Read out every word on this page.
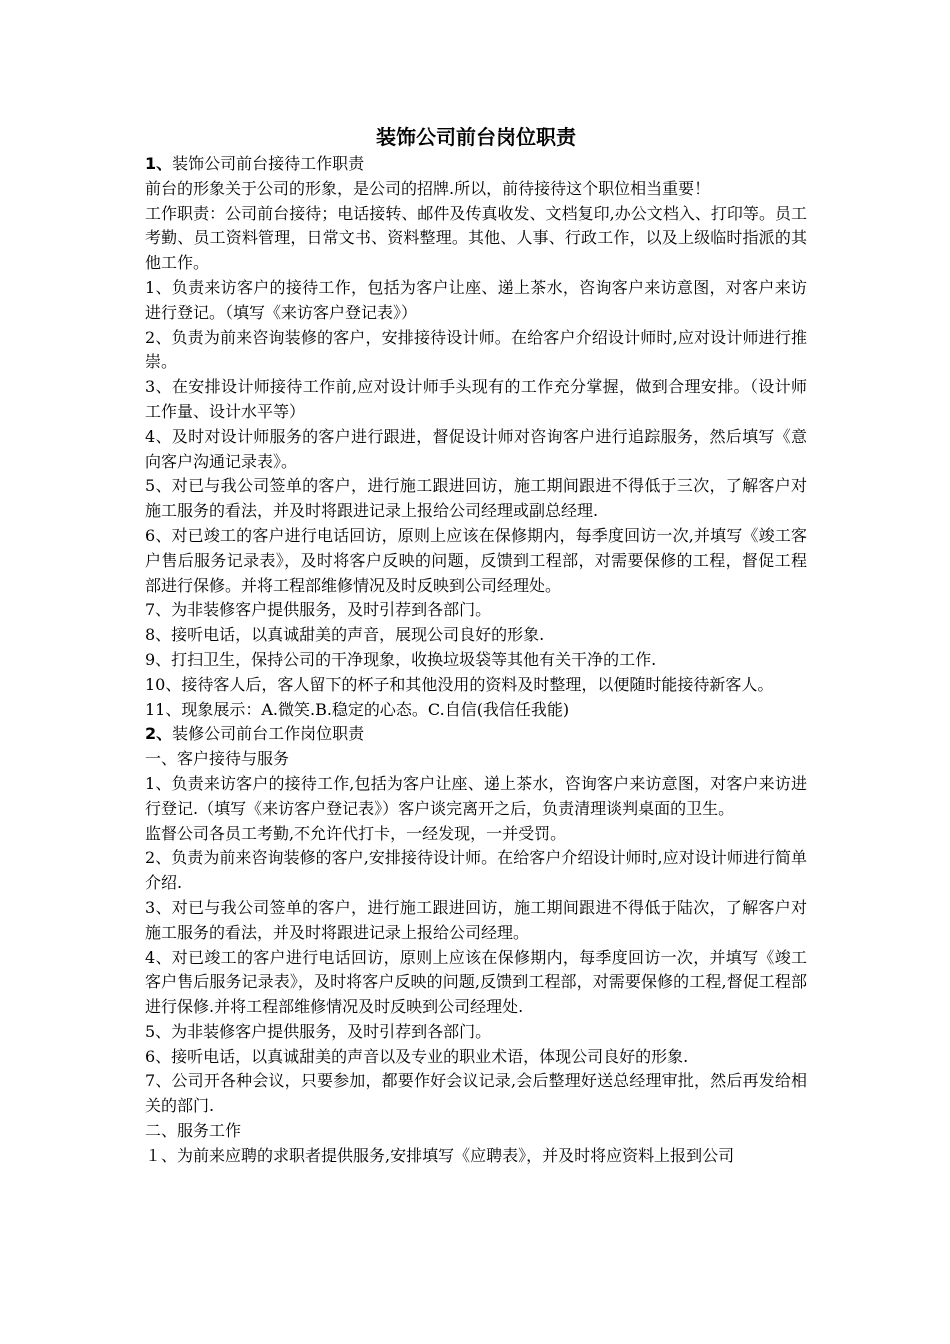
装饰公司前台岗位职责

1、装饰公司前台接待工作职责

前台的形象关于公司的形象，是公司的招牌.所以，前待接待这个职位相当重要！

工作职责：公司前台接待；电话接转、邮件及传真收发、文档复印,办公文档入、打印等。员工考勤、员工资料管理，日常文书、资料整理。其他、人事、行政工作，以及上级临时指派的其他工作。

1、负责来访客户的接待工作，包括为客户让座、递上茶水，咨询客户来访意图，对客户来访进行登记。（填写《来访客户登记表》）

2、负责为前来咨询装修的客户，安排接待设计师。在给客户介绍设计师时,应对设计师进行推崇。

3、在安排设计师接待工作前,应对设计师手头现有的工作充分掌握，做到合理安排。（设计师工作量、设计水平等）

4、及时对设计师服务的客户进行跟进，督促设计师对咨询客户进行追踪服务，然后填写《意向客户沟通记录表》。

5、对已与我公司签单的客户，进行施工跟进回访，施工期间跟进不得低于三次，了解客户对施工服务的看法，并及时将跟进记录上报给公司经理或副总经理.

6、对已竣工的客户进行电话回访，原则上应该在保修期内，每季度回访一次,并填写《竣工客户售后服务记录表》，及时将客户反映的问题，反馈到工程部，对需要保修的工程，督促工程部进行保修。并将工程部维修情况及时反映到公司经理处。

7、为非装修客户提供服务，及时引荐到各部门。

8、接听电话，以真诚甜美的声音，展现公司良好的形象.

9、打扫卫生，保持公司的干净现象，收换垃圾袋等其他有关干净的工作.

10、接待客人后，客人留下的杯子和其他没用的资料及时整理，以便随时能接待新客人。

11、现象展示：A.微笑.B.稳定的心态。C.自信(我信任我能)

2、装修公司前台工作岗位职责

一、客户接待与服务

1、负责来访客户的接待工作,包括为客户让座、递上茶水，咨询客户来访意图，对客户来访进行登记.（填写《来访客户登记表》）客户谈完离开之后，负责清理谈判桌面的卫生。

监督公司各员工考勤,不允许代打卡，一经发现，一并受罚。

2、负责为前来咨询装修的客户,安排接待设计师。在给客户介绍设计师时,应对设计师进行简单介绍.

3、对已与我公司签单的客户，进行施工跟进回访，施工期间跟进不得低于陆次，了解客户对施工服务的看法，并及时将跟进记录上报给公司经理。

4、对已竣工的客户进行电话回访，原则上应该在保修期内，每季度回访一次，并填写《竣工客户售后服务记录表》，及时将客户反映的问题,反馈到工程部，对需要保修的工程,督促工程部进行保修.并将工程部维修情况及时反映到公司经理处.

5、为非装修客户提供服务，及时引荐到各部门。

6、接听电话，以真诚甜美的声音以及专业的职业术语，体现公司良好的形象.

7、公司开各种会议，只要参加，都要作好会议记录,会后整理好送总经理审批，然后再发给相关的部门.

二、服务工作

１、为前来应聘的求职者提供服务,安排填写《应聘表》，并及时将应资料上报到公司
